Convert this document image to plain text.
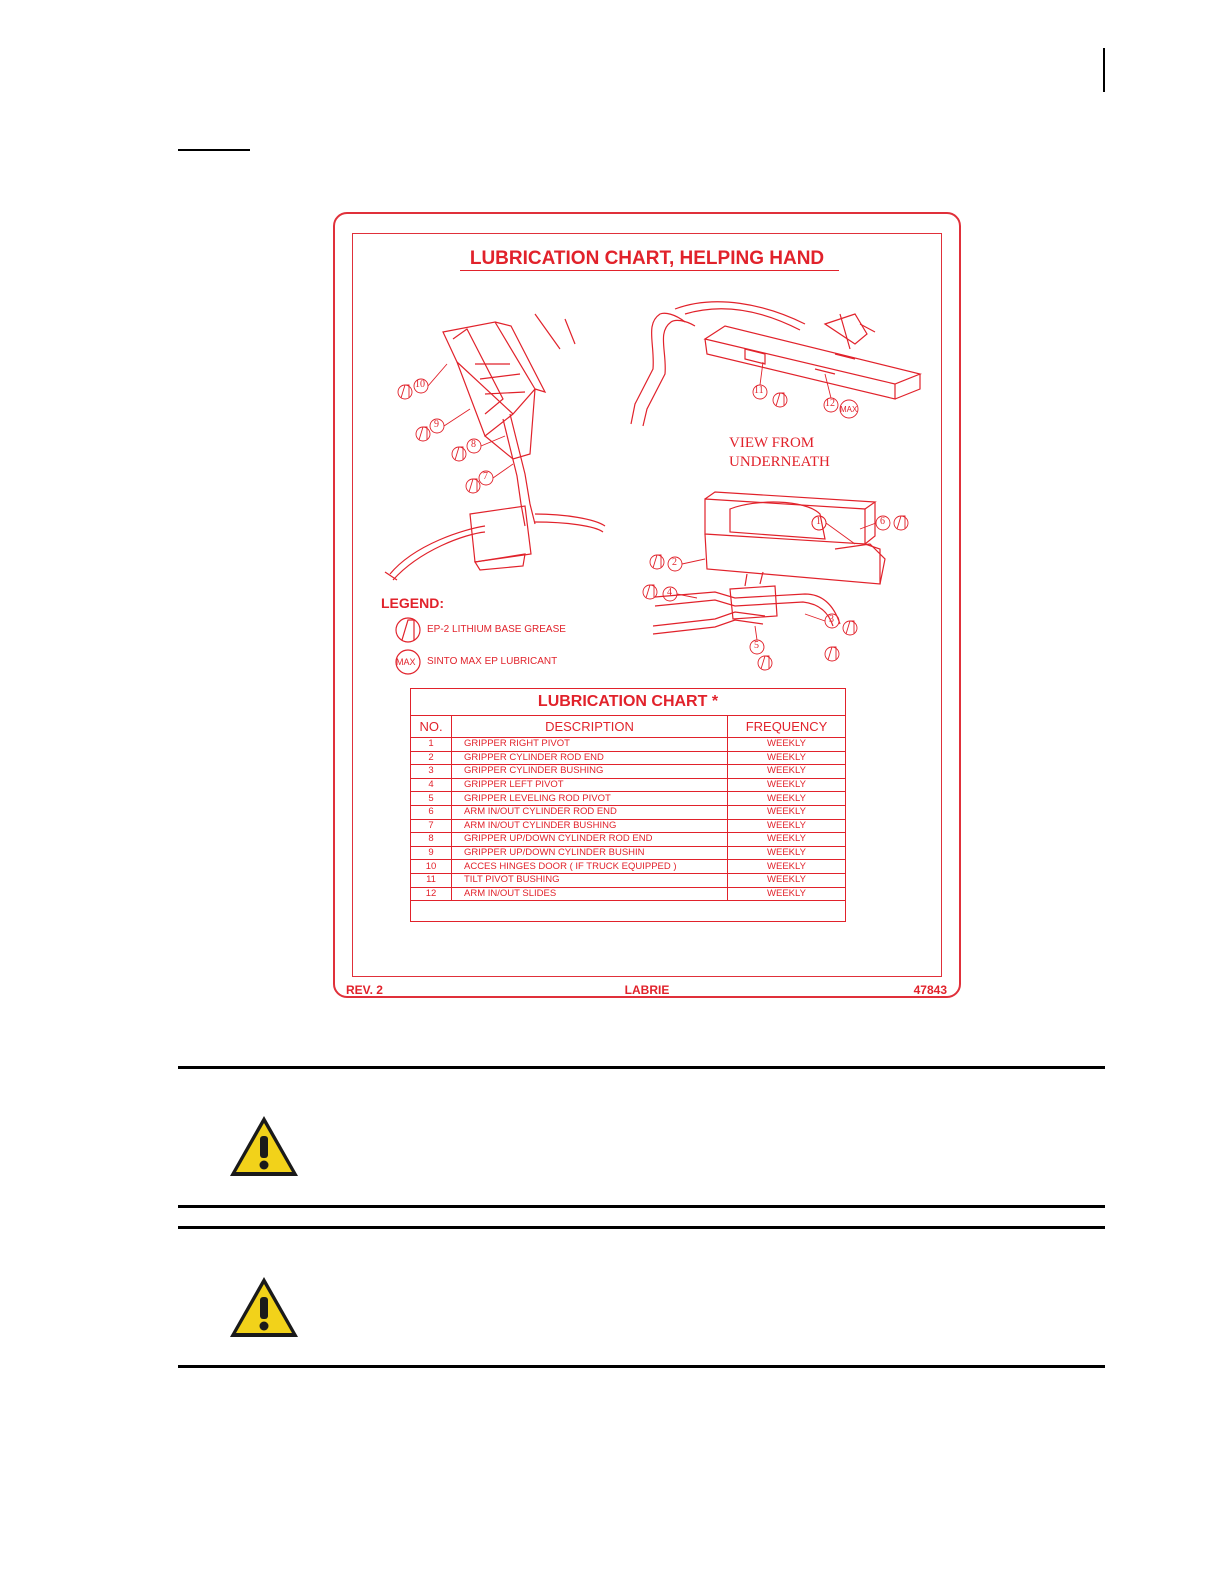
LUBRICATION CHART, HELPING HAND
1
2
3
4
5
6
7
8
9
10
11
12
MAX
VIEW FROM
UNDERNEATH
LEGEND:
EP-2 LITHIUM BASE GREASE
MAX SINTO MAX EP LUBRICANT
LUBRICATION CHART *		
NO.	DESCRIPTION	FREQUENCY
1	GRIPPER RIGHT PIVOT	WEEKLY
2	GRIPPER CYLINDER ROD END	WEEKLY
3	GRIPPER CYLINDER BUSHING	WEEKLY
4	GRIPPER LEFT PIVOT	WEEKLY
5	GRIPPER LEVELING ROD PIVOT	WEEKLY
6	ARM IN/OUT CYLINDER ROD END	WEEKLY
7	ARM IN/OUT CYLINDER BUSHING	WEEKLY
8	GRIPPER UP/DOWN CYLINDER ROD END	WEEKLY
9	GRIPPER UP/DOWN CYLINDER BUSHIN	WEEKLY
10	ACCES HINGES DOOR ( IF TRUCK EQUIPPED )	WEEKLY
11	TILT PIVOT BUSHING	WEEKLY
12	ARM IN/OUT SLIDES	WEEKLY

REV. 2	LABRIE	47843
